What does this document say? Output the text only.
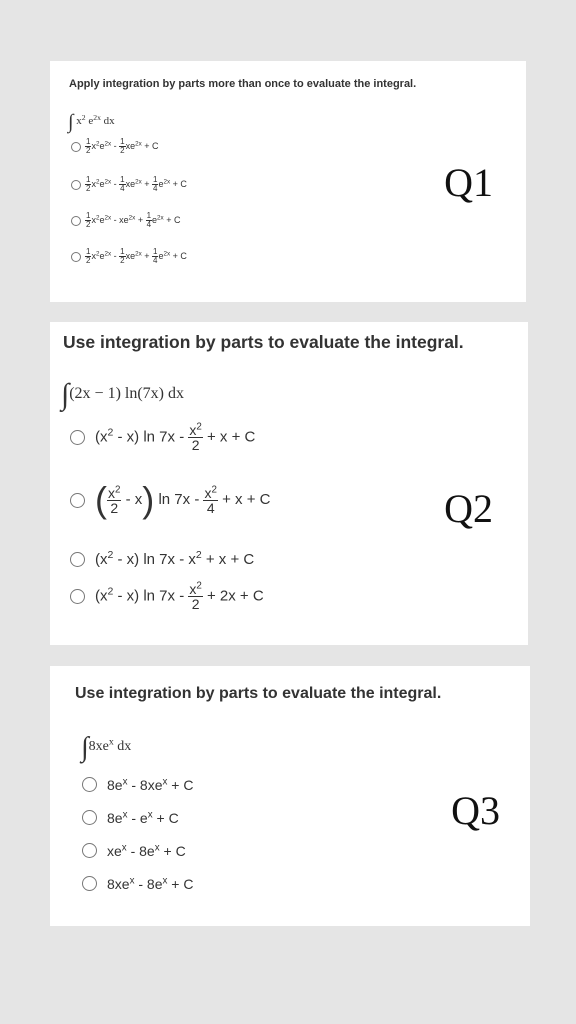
Apply integration by parts more than once to evaluate the integral.
∫ $x^2$ $e^{2x}$ dx
$\frac{1}{2} x^2e^{2x} - \frac{1}{2} xe^{2x} + C$
$\frac{1}{2} x^2e^{2x} - \frac{1}{4} xe^{2x} + \frac{1}{4} e^{2x} + C$
$\frac{1}{2} x^2e^{2x} - xe^{2x} + \frac{1}{4} e^{2x} + C$
$\frac{1}{2} x^2e^{2x} - \frac{1}{2} xe^{2x} + \frac{1}{4} e^{2x} + C$
Q1
Use integration by parts to evaluate the integral.
∫(2x − 1) ln(7x) dx
$(x^2 - x)$ $\ln 7x - \frac{x^2}{2} + x + C$
( $\frac{x^2}{2} - x$) $\ln 7x - \frac{x^2}{4} + x + C$
$(x^2 - x)$ $\ln 7x - x^2 + x + C$
$(x^2 - x)$ $\ln 7x - \frac{x^2}{2} + 2x + C$
Q2
Use integration by parts to evaluate the integral.
$\int 8xe^x$ dx
$8e^x - 8xe^x + C$
$8e^x - e^x + C$
$xe^x - 8e^x + C$
$8xe^x - 8e^x + C$
Q3
